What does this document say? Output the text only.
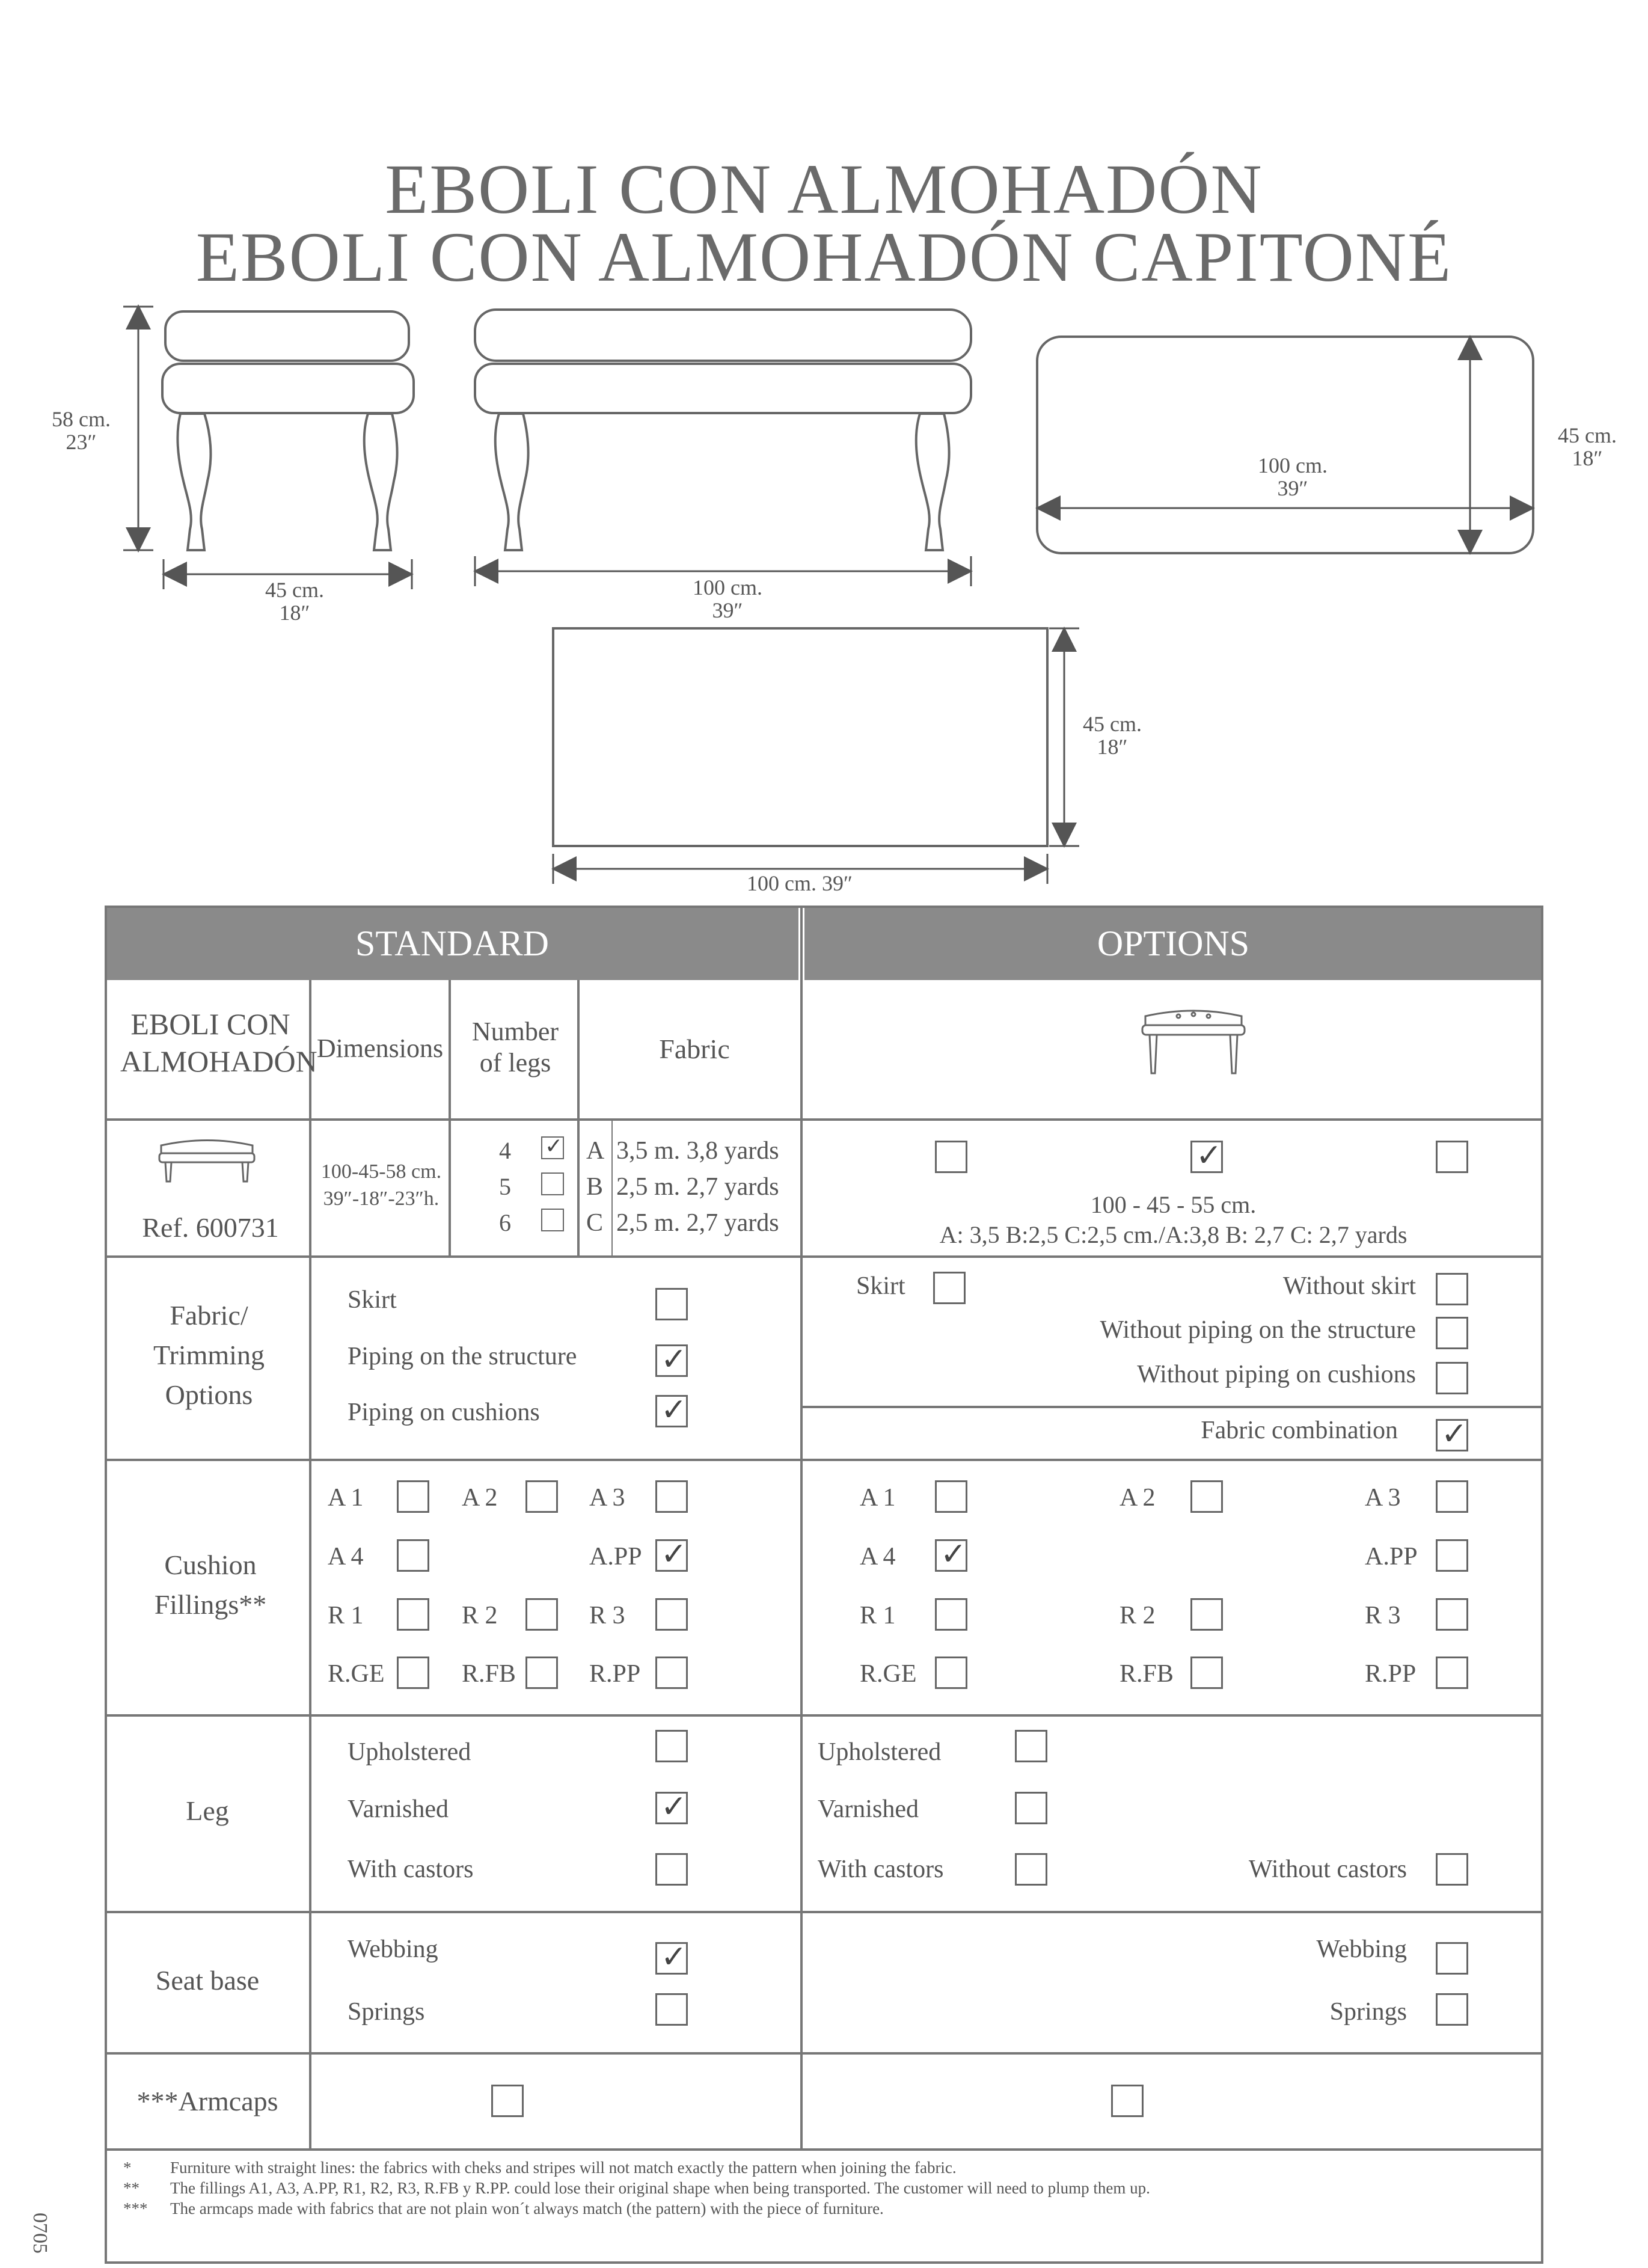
EBOLI CON ALMOHADÓN
EBOLI CON ALMOHADÓN CAPITONÉ
58 cm.
23″
45 cm.
18″
100 cm.
39″
100 cm.
39″
45 cm.
18″
45 cm.
18″
100 cm. 39″
STANDARD	OPTIONS
EBOLI CON ALMOHADÓN Dimensions
Number of legs	Fabric
Ref. 600731
100-45-58 cm.
39″-18″-23″h.
4
✓
5
6
A 3,5 m. 3,8 yards
B 2,5 m. 2,7 yards
C 2,5 m. 2,7 yards
✓
100 - 45 - 55 cm.
A: 3,5 B:2,5 C:2,5 cm./A:3,8 B: 2,7 C: 2,7 yards
Fabric/ Trimming Options
Skirt
Piping on the structure
✓
Piping on cushions
✓
Skirt	Without skirt
Without piping on the structure
Without piping on cushions
Fabric combination
✓
Cushion Fillings**
A 1	A 2	A 3
A 4	A.PP
✓
R 1	R 2	R 3
R.GE	R.FB	R.PP
A 1	A 2	A 3
A 4
✓	A.PP
R 1	R 2	R 3
R.GE	R.FB	R.PP
Leg
Upholstered
Varnished
✓
With castors
Upholstered
Varnished
With castors	Without castors
Seat base
Webbing
✓
Springs
Webbing
Springs
***Armcaps
* Furniture with straight lines: the fabrics with cheks and stripes will not match exactly the pattern when joining the fabric.
** The fillings A1, A3, A.PP, R1, R2, R3, R.FB y R.PP. could lose their original shape when being transported. The customer will need to plump them up.
*** The armcaps made with fabrics that are not plain won´t always match (the pattern) with the piece of furniture.
0705
